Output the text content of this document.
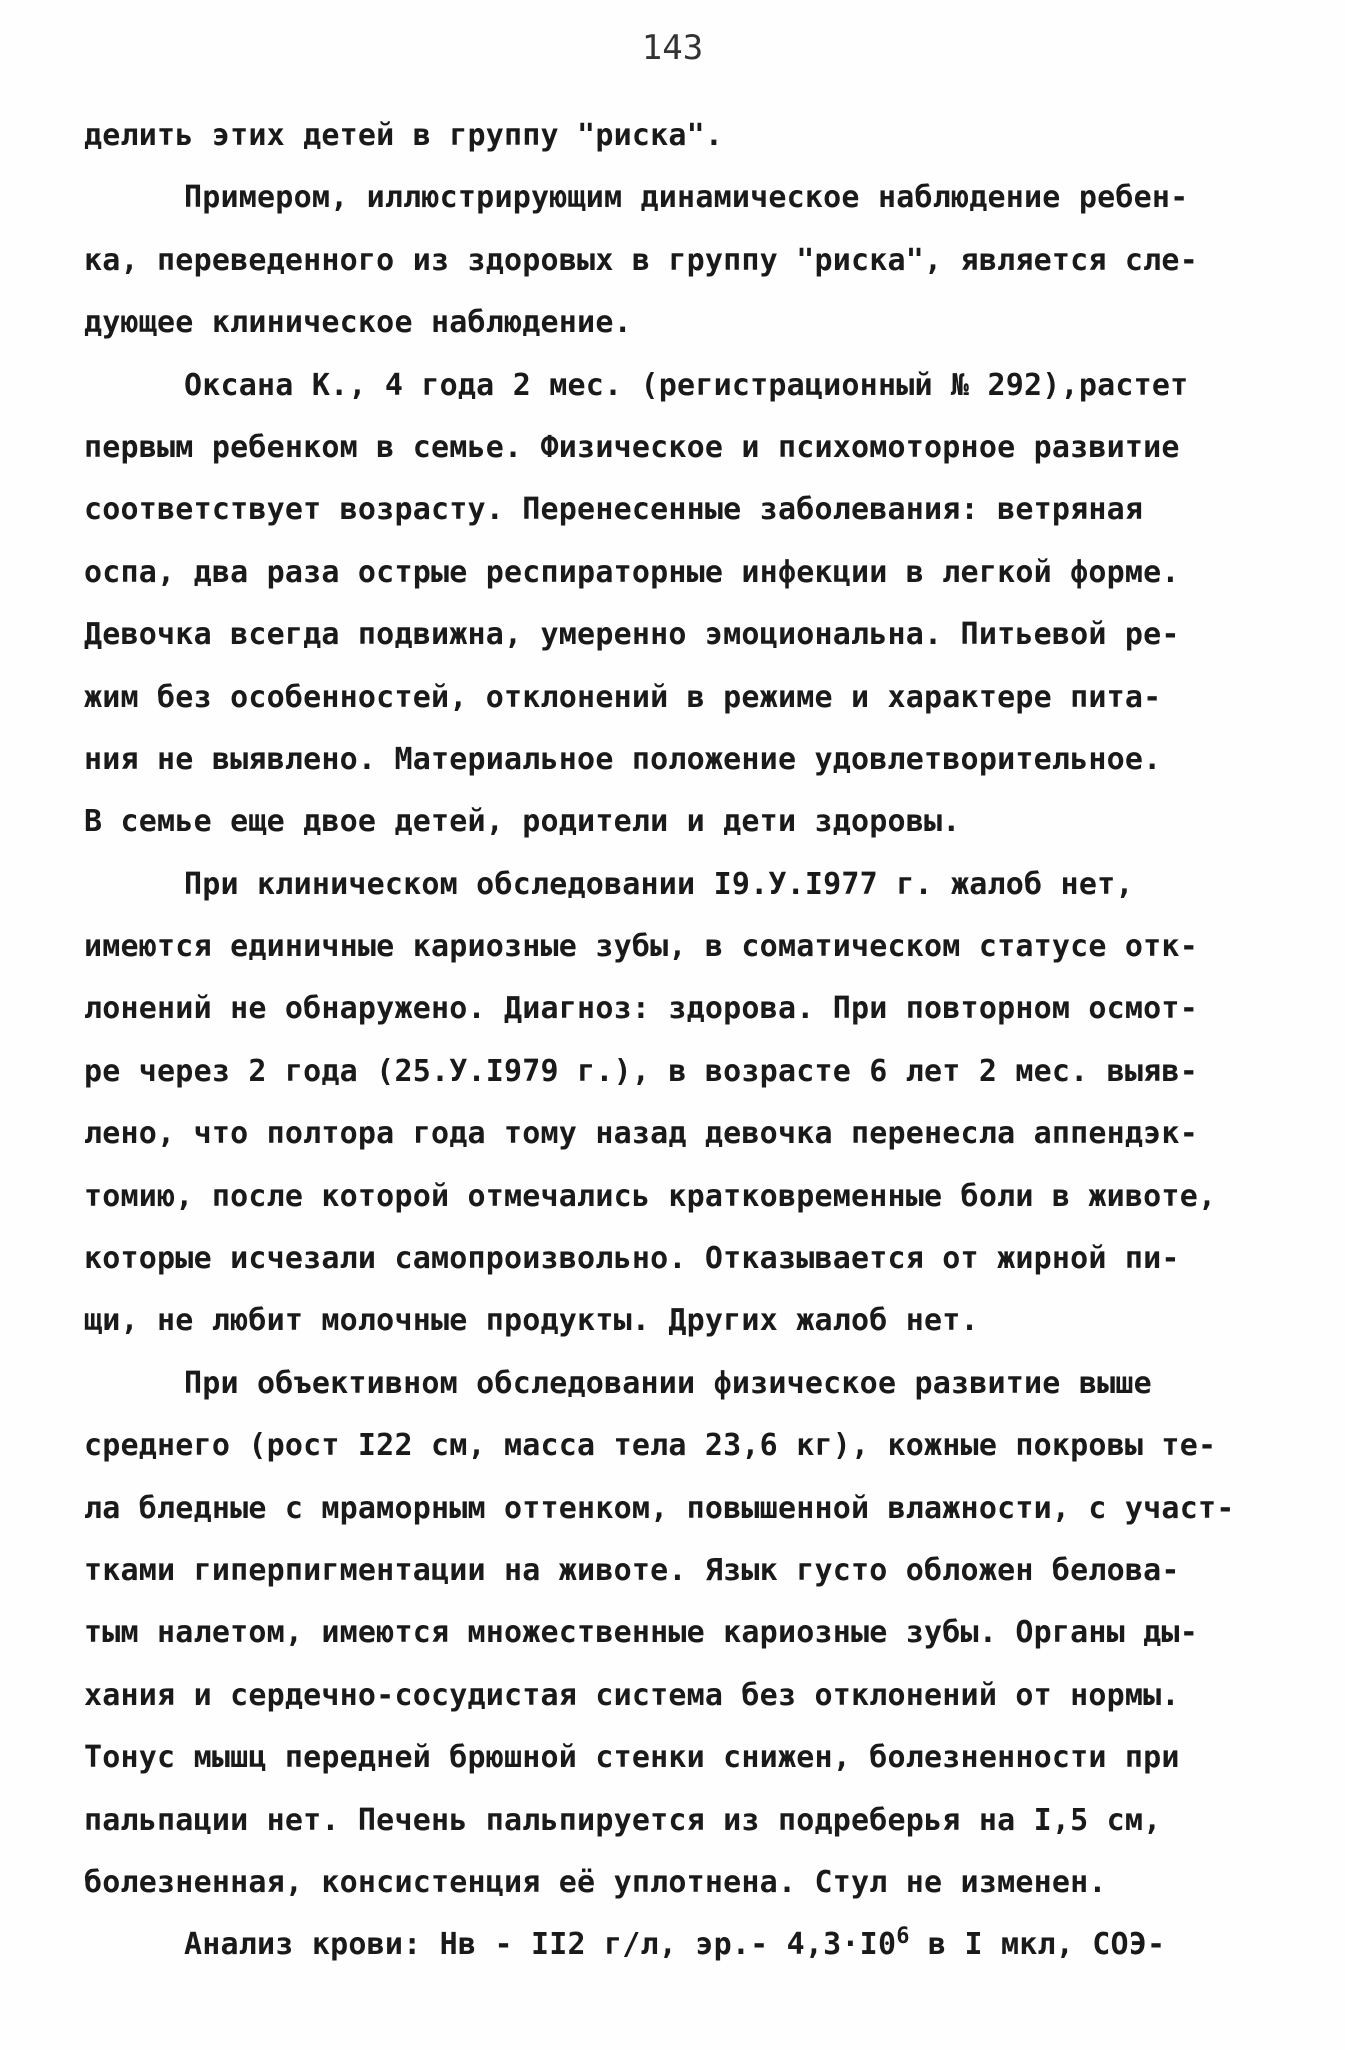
143
делить этих детей в группу "риска".
Примером, иллюстрирующим динамическое наблюдение ребен-
ка, переведенного из здоровых в группу "риска", является сле-
дующее клиническое наблюдение.
Оксана К., 4 года 2 мес. (регистрационный № 292),растет
первым ребенком в семье. Физическое и психомоторное развитие
соответствует возрасту. Перенесенные заболевания: ветряная
оспа, два раза острые респираторные инфекции в легкой форме.
Девочка всегда подвижна, умеренно эмоциональна. Питьевой ре-
жим без особенностей, отклонений в режиме и характере пита-
ния не выявлено. Материальное положение удовлетворительное.
В семье еще двое детей, родители и дети здоровы.
При клиническом обследовании I9.У.I977 г. жалоб нет,
имеются единичные кариозные зубы, в соматическом статусе отк-
лонений не обнаружено. Диагноз: здорова. При повторном осмот-
ре через 2 года (25.У.I979 г.), в возрасте 6 лет 2 мес. выяв-
лено, что полтора года тому назад девочка перенесла аппендэк-
томию, после которой отмечались кратковременные боли в животе,
которые исчезали самопроизвольно. Отказывается от жирной пи-
щи, не любит молочные продукты. Других жалоб нет.
При объективном обследовании физическое развитие выше
среднего (рост I22 см, масса тела 23,6 кг), кожные покровы те-
ла бледные с мраморным оттенком, повышенной влажности, с участ-
тками гиперпигментации на животе. Язык густо обложен белова-
тым налетом, имеются множественные кариозные зубы. Органы ды-
хания и сердечно-сосудистая система без отклонений от нормы.
Тонус мышц передней брюшной стенки снижен, болезненности при
пальпации нет. Печень пальпируется из подреберья на I,5 см,
болезненная, консистенция её уплотнена. Стул не изменен.
Анализ крови: Нв - II2 г/л, эр.- $4,3\cdot I0^6$ в I мкл, СОЭ-
